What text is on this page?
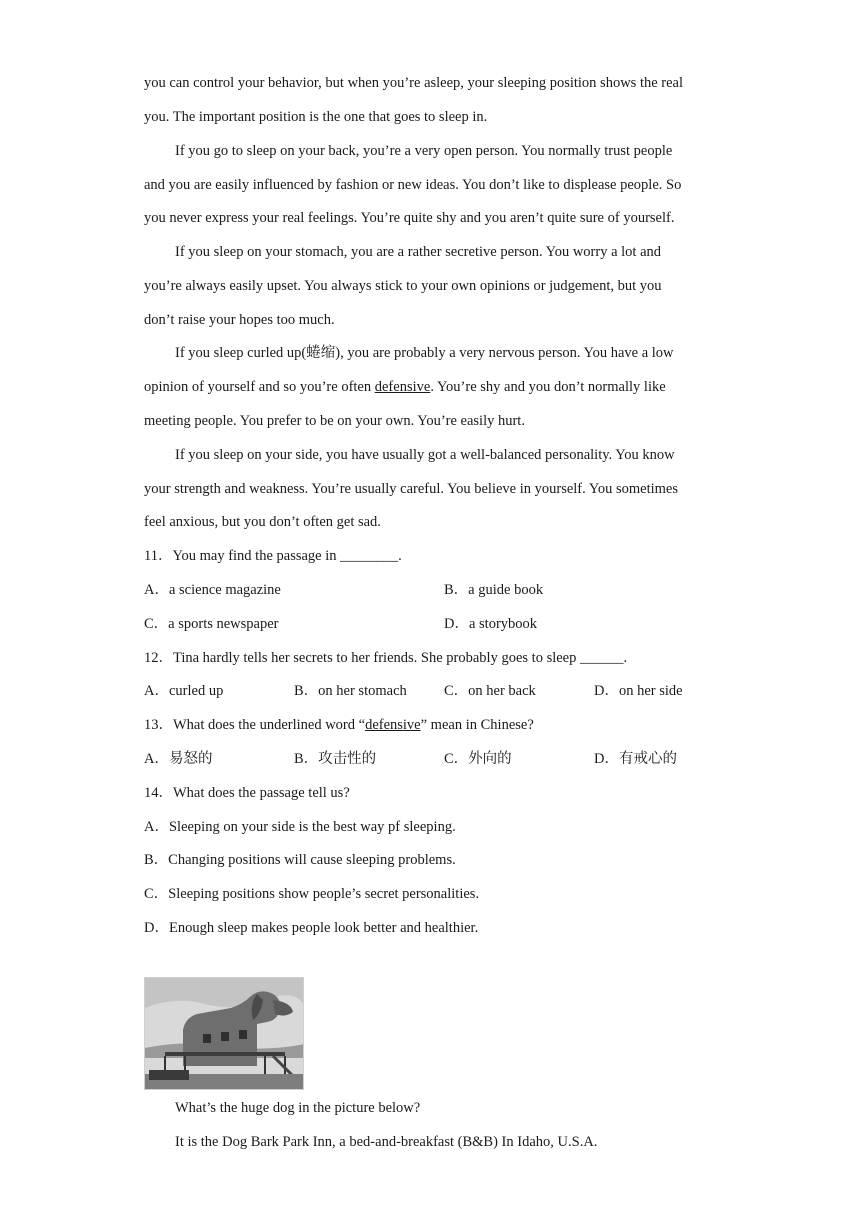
you can control your behavior, but when you’re asleep, your sleeping position shows the real
you. The important position is the one that goes to sleep in.
If you go to sleep on your back, you’re a very open person. You normally trust people
and you are easily influenced by fashion or new ideas. You don’t like to displease people. So
you never express your real feelings. You’re quite shy and you aren’t quite sure of yourself.
If you sleep on your stomach, you are a rather secretive person. You worry a lot and
you’re always easily upset. You always stick to your own opinions or judgement, but you
don’t raise your hopes too much.
If you sleep curled up(蜷缩), you are probably a very nervous person. You have a low
opinion of yourself and so you’re often defensive. You’re shy and you don’t normally like
meeting people. You prefer to be on your own. You’re easily hurt.
If you sleep on your side, you have usually got a well-balanced personality. You know
your strength and weakness. You’re usually careful. You believe in yourself. You sometimes
feel anxious, but you don’t often get sad.
11．You may find the passage in ________.
A．a science magazine	B．a guide book
C．a sports newspaper	D．a storybook
12．Tina hardly tells her secrets to her friends. She probably goes to sleep ______.
A．curled up	B．on her stomach	C．on her back	D．on her side
13．What does the underlined word “defensive” mean in Chinese?
A．易怒的	B．攻击性的	C．外向的	D．有戒心的
14．What does the passage tell us?
A．Sleeping on your side is the best way pf sleeping.
B．Changing positions will cause sleeping problems.
C．Sleeping positions show people’s secret personalities.
D．Enough sleep makes people look better and healthier.
What’s the huge dog in the picture below?
It is the Dog Bark Park Inn, a bed-and-breakfast (B&B) In Idaho, U.S.A.
